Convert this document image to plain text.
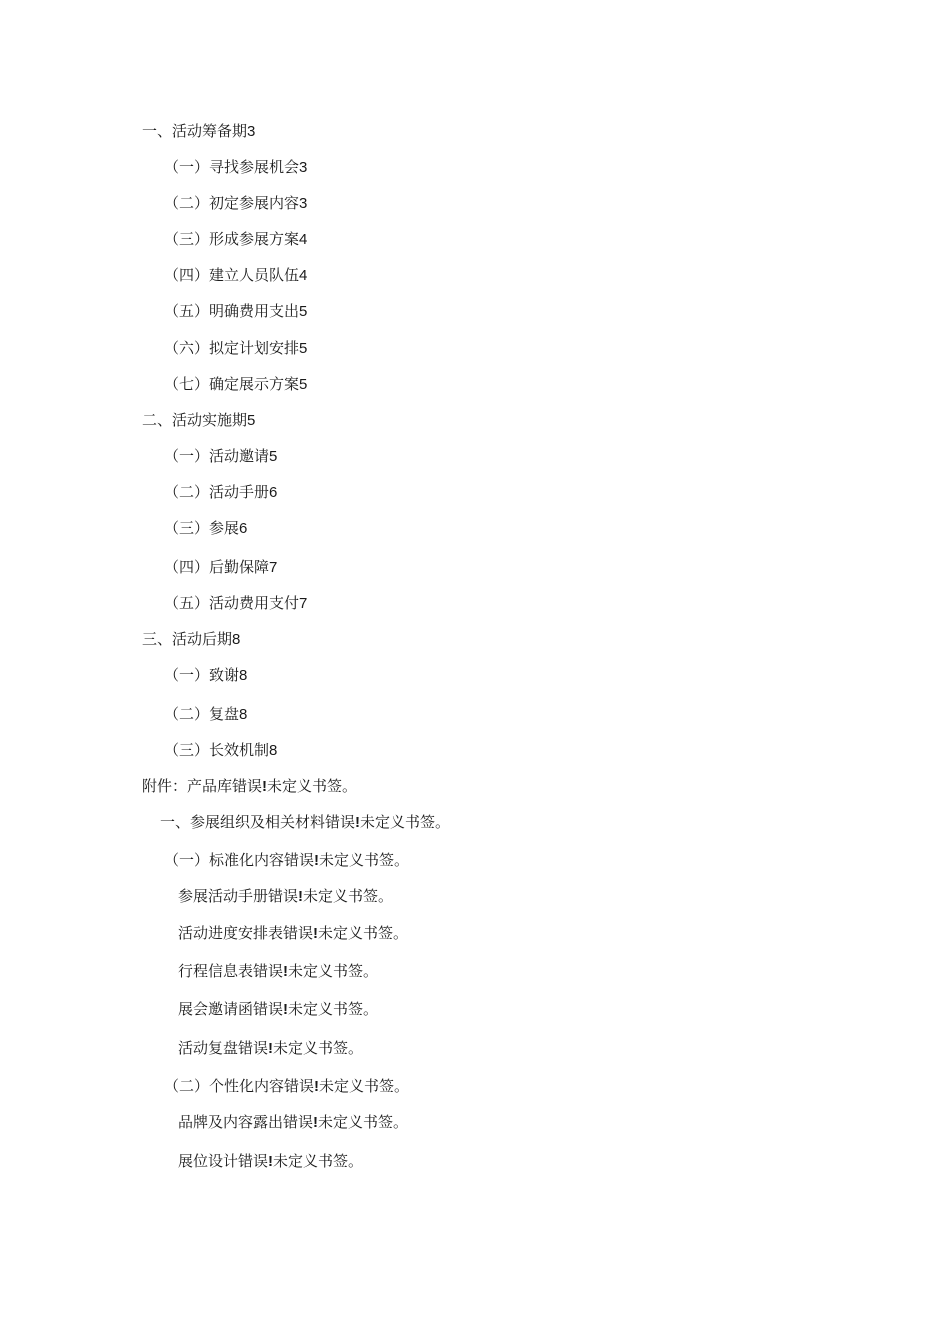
一、活动筹备期3
（一）寻找参展机会3
（二）初定参展内容3
（三）形成参展方案4
（四）建立人员队伍4
（五）明确费用支出5
（六）拟定计划安排5
（七）确定展示方案5
二、活动实施期5
（一）活动邀请5
（二）活动手册6
（三）参展6
（四）后勤保障7
（五）活动费用支付7
三、活动后期8
（一）致谢8
（二）复盘8
（三）长效机制8
附件：产品库错误!未定义书签。
一、参展组织及相关材料错误!未定义书签。
（一）标准化内容错误!未定义书签。
参展活动手册错误!未定义书签。
活动进度安排表错误!未定义书签。
行程信息表错误!未定义书签。
展会邀请函错误!未定义书签。
活动复盘错误!未定义书签。
（二）个性化内容错误!未定义书签。
品牌及内容露出错误!未定义书签。
展位设计错误!未定义书签。
